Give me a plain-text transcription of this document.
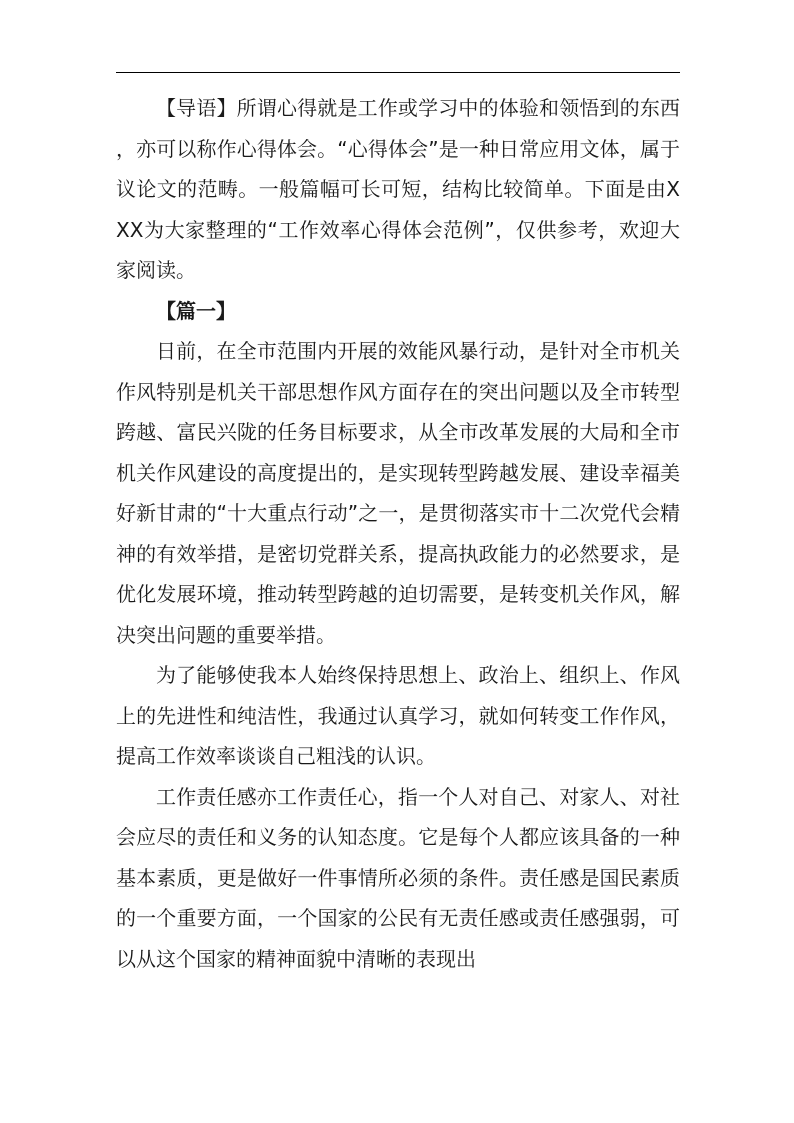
【导语】所谓心得就是工作或学习中的体验和领悟到的东西，亦可以称作心得体会。“心得体会”是一种日常应用文体，属于议论文的范畴。一般篇幅可长可短，结构比较简单。下面是由XXX为大家整理的“工作效率心得体会范例”，仅供参考，欢迎大家阅读。

【篇一】

日前，在全市范围内开展的效能风暴行动，是针对全市机关作风特别是机关干部思想作风方面存在的突出问题以及全市转型跨越、富民兴陇的任务目标要求，从全市改革发展的大局和全市机关作风建设的高度提出的，是实现转型跨越发展、建设幸福美好新甘肃的“十大重点行动”之一，是贯彻落实市十二次党代会精神的有效举措，是密切党群关系，提高执政能力的必然要求，是优化发展环境，推动转型跨越的迫切需要，是转变机关作风，解决突出问题的重要举措。

为了能够使我本人始终保持思想上、政治上、组织上、作风上的先进性和纯洁性，我通过认真学习，就如何转变工作作风，提高工作效率谈谈自己粗浅的认识。

工作责任感亦工作责任心，指一个人对自己、对家人、对社会应尽的责任和义务的认知态度。它是每个人都应该具备的一种基本素质，更是做好一件事情所必须的条件。责任感是国民素质的一个重要方面，一个国家的公民有无责任感或责任感强弱，可以从这个国家的精神面貌中清晰的表现出
